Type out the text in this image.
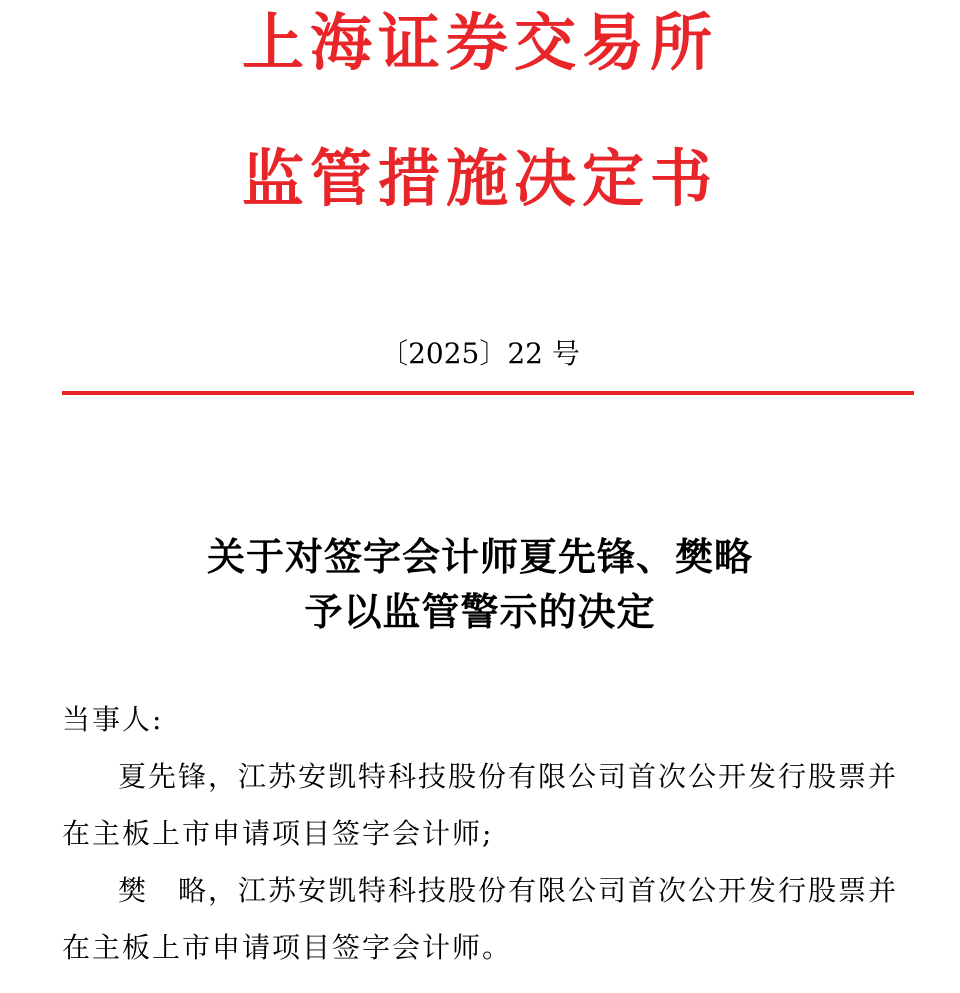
上海证券交易所
监管措施决定书
〔2025〕22 号
关于对签字会计师夏先锋、樊略
予以监管警示的决定
当事人:
夏先锋，江苏安凯特科技股份有限公司首次公开发行股票并
在主板上市申请项目签字会计师;
樊　略，江苏安凯特科技股份有限公司首次公开发行股票并
在主板上市申请项目签字会计师。
